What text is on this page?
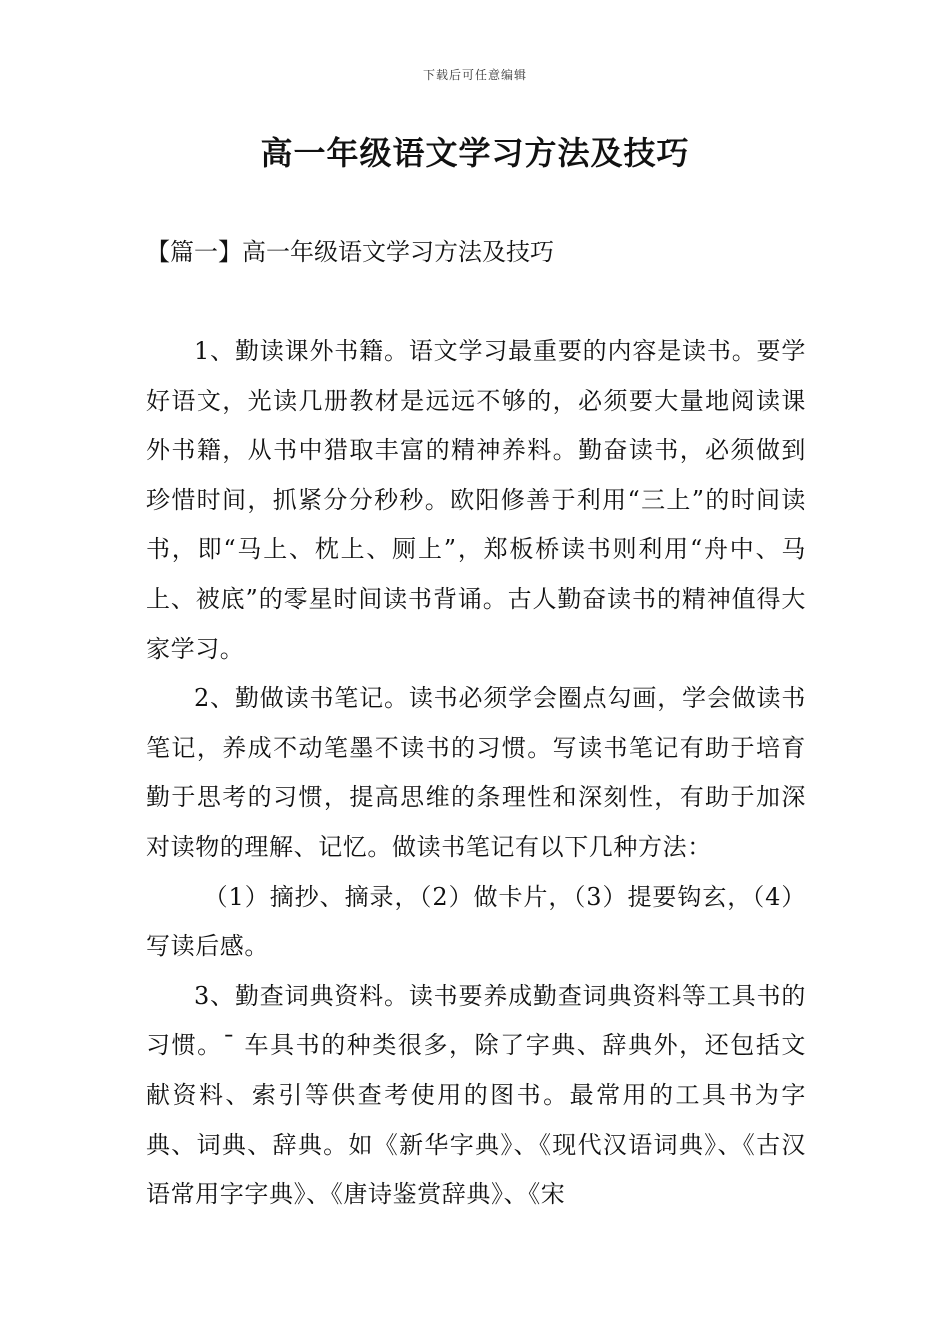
下载后可任意编辑
高一年级语文学习方法及技巧
【篇一】高一年级语文学习方法及技巧

1、勤读课外书籍。语文学习最重要的内容是读书。要学好语文，光读几册教材是远远不够的，必须要大量地阅读课外书籍，从书中猎取丰富的精神养料。勤奋读书，必须做到珍惜时间，抓紧分分秒秒。欧阳修善于利用“三上”的时间读书，即“马上、枕上、厕上”，郑板桥读书则利用“舟中、马上、被底”的零星时间读书背诵。古人勤奋读书的精神值得大家学习。

2、勤做读书笔记。读书必须学会圈点勾画，学会做读书笔记，养成不动笔墨不读书的习惯。写读书笔记有助于培育勤于思考的习惯，提高思维的条理性和深刻性，有助于加深对读物的理解、记忆。做读书笔记有以下几种方法：

（1）摘抄、摘录，（2）做卡片，（3）提要钩玄，（4）写读后感。

3、勤查词典资料。读书要养成勤查词典资料等工具书的习惯。¯ 车具书的种类很多，除了字典、辞典外，还包括文献资料、索引等供查考使用的图书。最常用的工具书为字典、词典、辞典。如《新华字典》、《现代汉语词典》、《古汉语常用字字典》、《唐诗鉴赏辞典》、《宋
